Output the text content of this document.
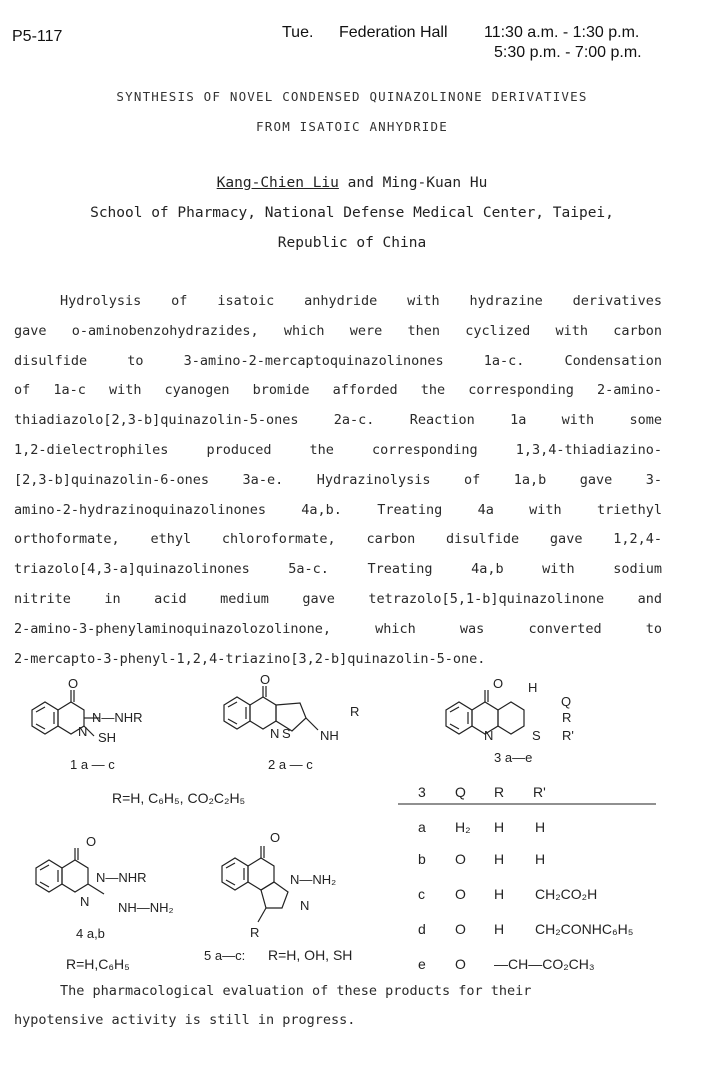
P5-117	Tue. Federation Hall 11:30 a.m. - 1:30 p.m.
5:30 p.m. - 7:00 p.m.
SYNTHESIS OF NOVEL CONDENSED QUINAZOLINONE DERIVATIVES
FROM ISATOIC ANHYDRIDE
Kang-Chien Liu and Ming-Kuan Hu
School of Pharmacy, National Defense Medical Center, Taipei,
Republic of China
Hydrolysis of isatoic anhydride with hydrazine derivatives
gave o-aminobenzohydrazides, which were then cyclized with carbon
disulfide to 3-amino-2-mercaptoquinazolinones 1a-c. Condensation
of 1a-c with cyanogen bromide afforded the corresponding 2-amino-
thiadiazolo[2,3-b]quinazolin-5-ones 2a-c. Reaction 1a with some
1,2-dielectrophiles produced the corresponding 1,3,4-thiadiazino-
[2,3-b]quinazolin-6-ones 3a-e. Hydrazinolysis of 1a,b gave 3-
amino-2-hydrazinoquinazolinones 4a,b. Treating 4a with triethyl
orthoformate, ethyl chloroformate, carbon disulfide gave 1,2,4-
triazolo[4,3-a]quinazolinones 5a-c. Treating 4a,b with sodium
nitrite in acid medium gave tetrazolo[5,1-b]quinazolinone and
2-amino-3-phenylaminoquinazolozolinone, which was converted to
2-mercapto-3-phenyl-1,2,4-triazino[3,2-b]quinazolin-5-one.
O
N—NHR
N SH
1 a — c
O
N S
R
NH
2 a — c
O H
Q
R
R'
N	S
3 a—e
O
N—NHR
N NH—NH₂
4 a,b
O
N—NH₂
N
R
5 a—c:
3 Q R R'
a H₂ H H
b O H H
c O H CH₂CO₂H
d O H CH₂CONHC₆H₅
e O —CH—CO₂CH₃
R=H, C₆H₅, CO₂C₂H₅
R=H,C₆H₅
R=H, OH, SH
The pharmacological evaluation of these products for their
hypotensive activity is still in progress.
